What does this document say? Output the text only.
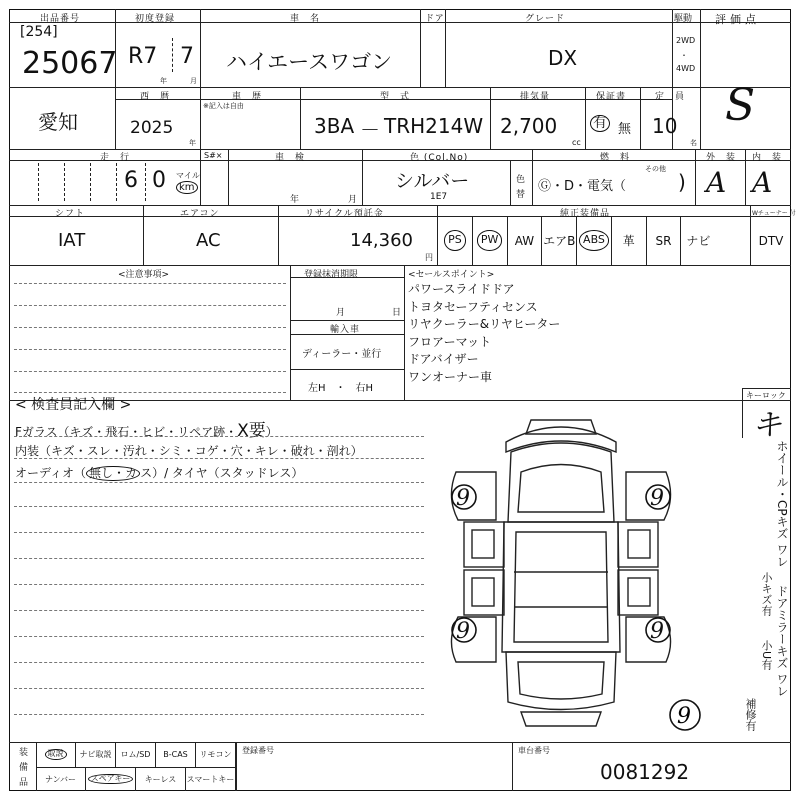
出品番号
[254]
25067
初度登録
R7 7
年	月
車　名
ハイエースワゴン
ドア	グレード
DX
駆動
2WD
・
4WD
評価点
S
愛知
西　暦
2025
年
車　歴
※記入は自由
型　式
3BA － TRH214W
排気量
2,700
cc
保証書
有 無
定　員
10
名
走　行	S#×
6 0 マイル
km
車　検
年	月
色 (Col.No)
シルバー
1E7
色
替
燃　料
Ⓖ・D・電気（
その他
)
外　装
A
内　装
A
シフト
IAT
エアコン
AC
リサイクル預託金
14,360
円
純正装備品	Wチューナー 付
PS	PW	AW エアB ABS	革 SR ナビ	DTV
<注意事項>	登録抹消期限
月	日
輸入車
ディーラー・並行
左H　・　右H
<セールスポイント>
パワースライドドア
トヨタセーフティセンス
リヤクーラー&リヤヒーター
フロアーマット
ドアバイザー
ワンオーナー車
キーロック
キ
< 検査員記入欄 >
Fガラス（キズ・飛石・ヒビ・リペア跡・X要）
内装（キズ・スレ・汚れ・シミ・コゲ・穴・キレ・破れ・剖れ）
オーディオ（ 無し・カ ス）/ タイヤ（スタッドレス）
9	9
9	9
9
ホイール・CPキズ ワレ
小キズ有 ドアミラーキズ ワレ
小U有
補修有
装
備
品
取説	ナビ取説 ロム/SD B-CAS リモコン
ナンバー	スペアキー	キーレス スマートキー
登録番号	車台番号
0081292
